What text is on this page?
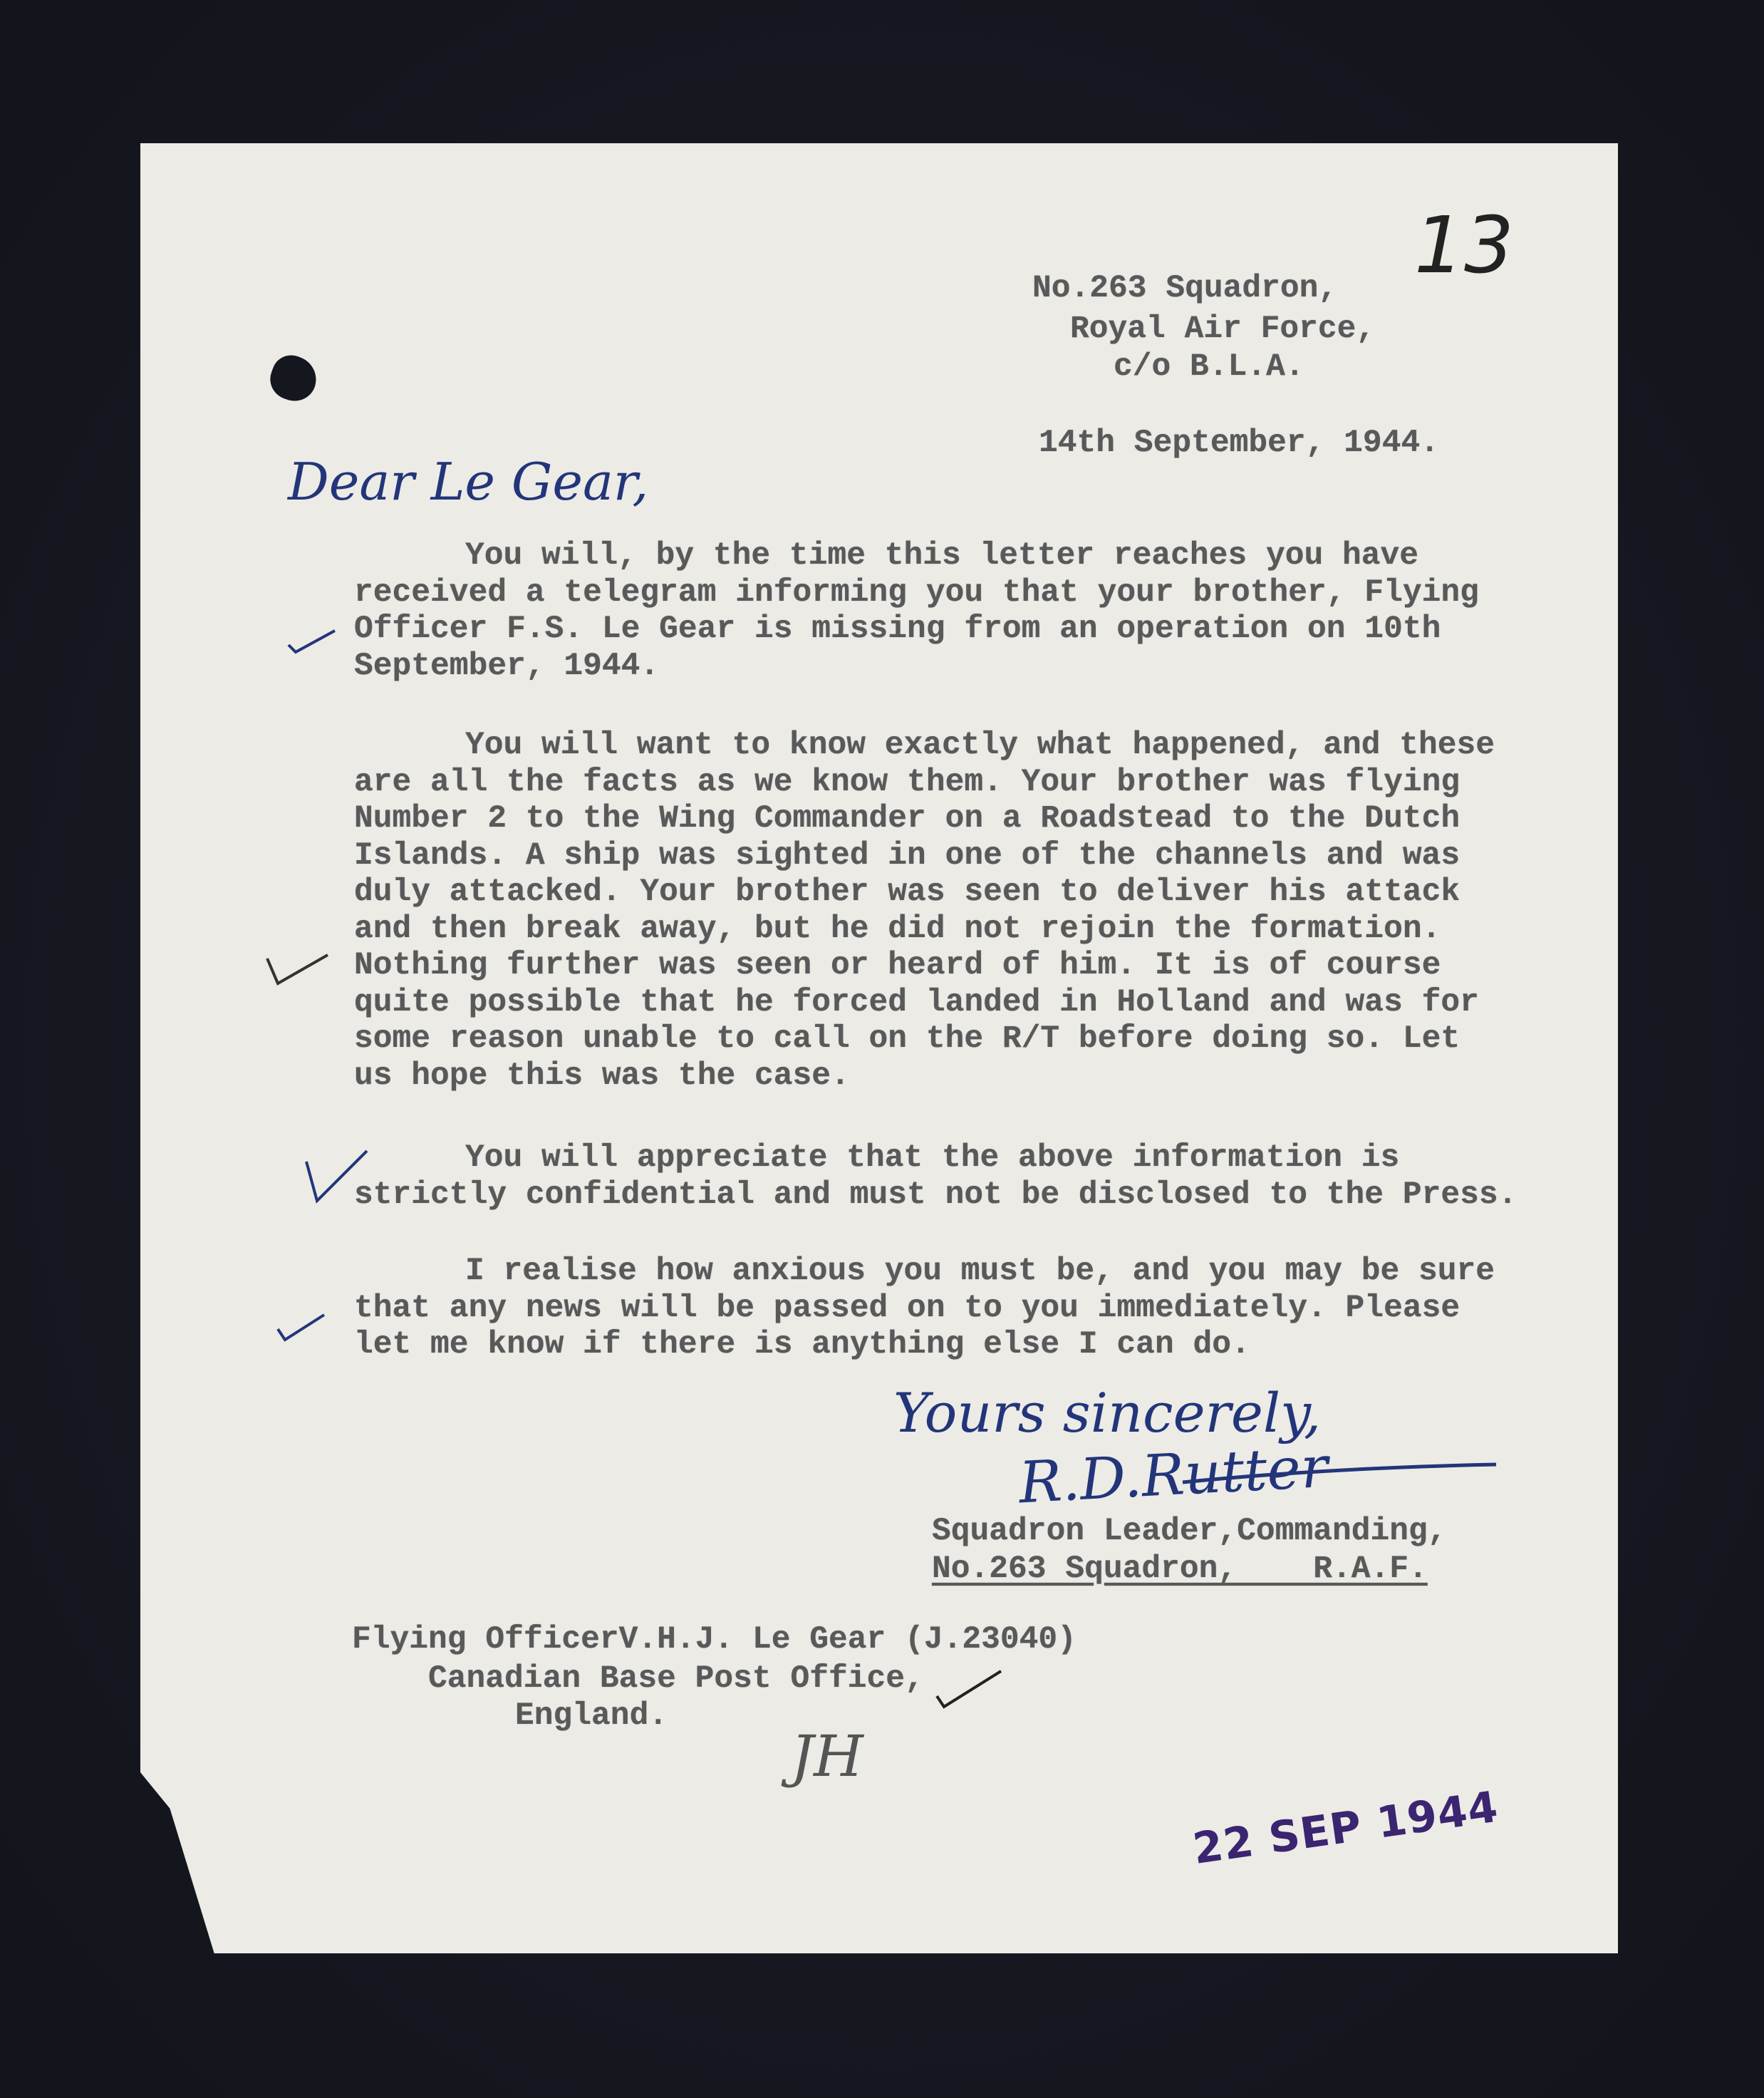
13
No.263 Squadron,
Royal Air Force,
c/o B.L.A.
14th September, 1944.
Dear Le Gear,
You will, by the time this letter reaches you have
received a telegram informing you that your brother, Flying
Officer F.S. Le Gear is missing from an operation on 10th
September, 1944.
You will want to know exactly what happened, and these
are all the facts as we know them. Your brother was flying
Number 2 to the Wing Commander on a Roadstead to the Dutch
Islands. A ship was sighted in one of the channels and was
duly attacked. Your brother was seen to deliver his attack
and then break away, but he did not rejoin the formation.
Nothing further was seen or heard of him. It is of course
quite possible that he forced landed in Holland and was for
some reason unable to call on the R/T before doing so. Let
us hope this was the case.
You will appreciate that the above information is
strictly confidential and must not be disclosed to the Press.
I realise how anxious you must be, and you may be sure
that any news will be passed on to you immediately. Please
let me know if there is anything else I can do.
Yours sincerely,
R.D.Rutter
Squadron Leader,Commanding,
No.263 Squadron,    R.A.F.
Flying OfficerV.H.J. Le Gear (J.23040)
Canadian Base Post Office,
England.
JH
22 SEP 1944
